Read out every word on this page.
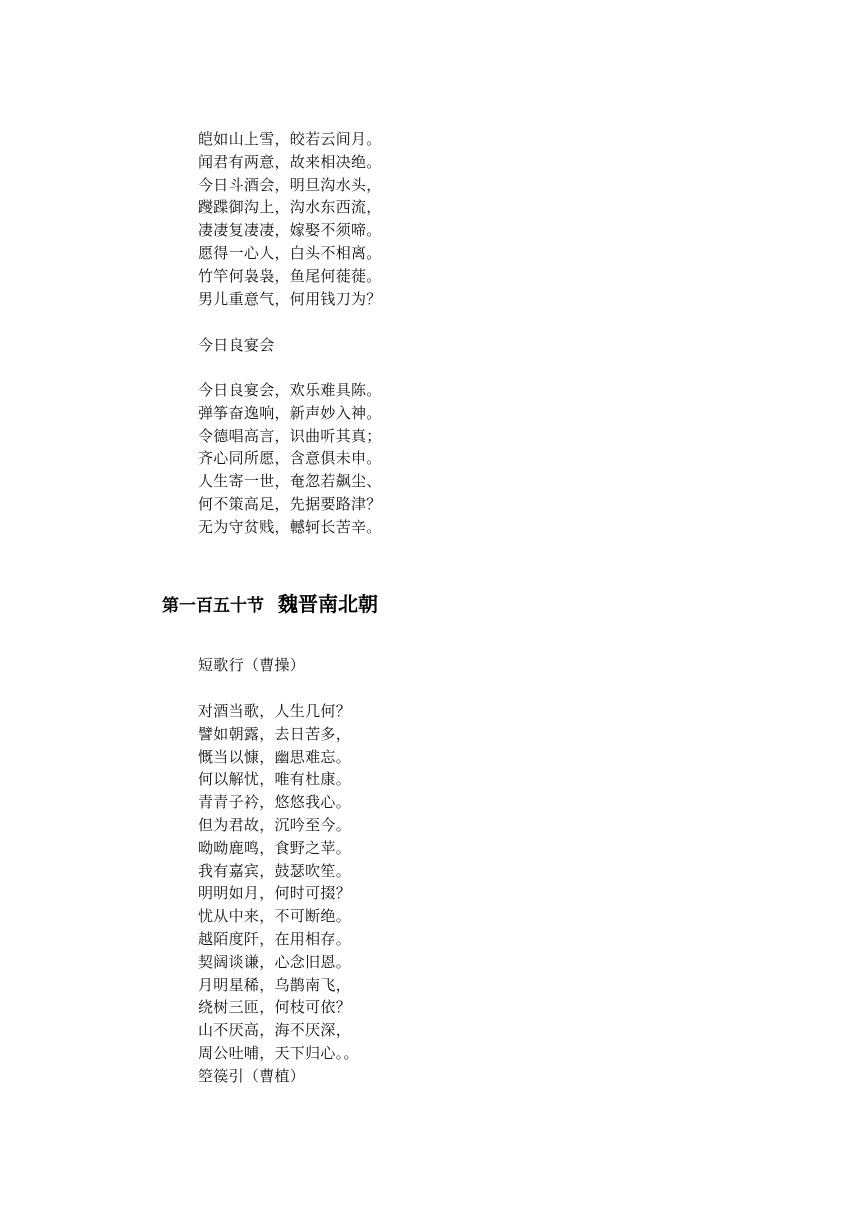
皑如山上雪，皎若云间月。
闻君有两意，故来相决绝。
今日斗酒会，明旦沟水头，
躞蹀御沟上，沟水东西流，
凄凄复凄凄，嫁娶不须啼。
愿得一心人，白头不相离。
竹竿何袅袅，鱼尾何蓰蓰。
男儿重意气，何用钱刀为？
今日良宴会
今日良宴会，欢乐难具陈。
弹筝奋逸响，新声妙入神。
令德唱高言，识曲听其真；
齐心同所愿，含意俱未申。
人生寄一世，奄忽若飙尘、
何不策高足，先据要路津？
无为守贫贱，轗轲长苦辛。
第一百五十节 魏晋南北朝
短歌行（曹操）
对酒当歌，人生几何？
譬如朝露，去日苦多，
慨当以慷，幽思难忘。
何以解忧，唯有杜康。
青青子衿，悠悠我心。
但为君故，沉吟至今。
呦呦鹿鸣，食野之苹。
我有嘉宾，鼓瑟吹笙。
明明如月，何时可掇？
忧从中来，不可断绝。
越陌度阡，在用相存。
契阔谈谦，心念旧恩。
月明星稀，乌鹊南飞，
绕树三匝，何枝可依？
山不厌高，海不厌深，
周公吐哺，天下归心。。
箜篌引（曹植）
